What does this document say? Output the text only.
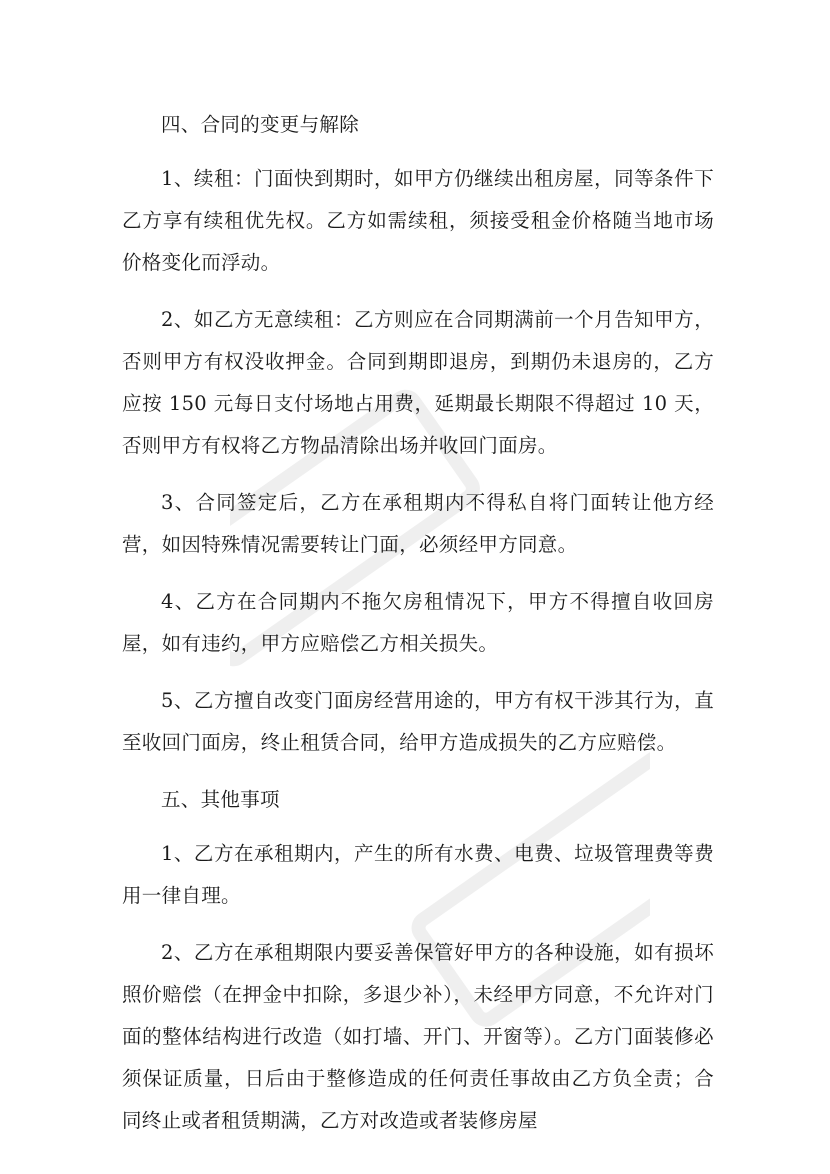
四、合同的变更与解除

1、续租：门面快到期时，如甲方仍继续出租房屋，同等条件下乙方享有续租优先权。乙方如需续租，须接受租金价格随当地市场价格变化而浮动。

2、如乙方无意续租：乙方则应在合同期满前一个月告知甲方，否则甲方有权没收押金。合同到期即退房，到期仍未退房的，乙方应按 150 元每日支付场地占用费，延期最长期限不得超过 10 天，否则甲方有权将乙方物品清除出场并收回门面房。

3、合同签定后，乙方在承租期内不得私自将门面转让他方经营，如因特殊情况需要转让门面，必须经甲方同意。

4、乙方在合同期内不拖欠房租情况下，甲方不得擅自收回房屋，如有违约，甲方应赔偿乙方相关损失。

5、乙方擅自改变门面房经营用途的，甲方有权干涉其行为，直至收回门面房，终止租赁合同，给甲方造成损失的乙方应赔偿。

五、其他事项

1、乙方在承租期内，产生的所有水费、电费、垃圾管理费等费用一律自理。

2、乙方在承租期限内要妥善保管好甲方的各种设施，如有损坏照价赔偿（在押金中扣除，多退少补），未经甲方同意，不允许对门面的整体结构进行改造（如打墙、开门、开窗等）。乙方门面装修必须保证质量，日后由于整修造成的任何责任事故由乙方负全责；合同终止或者租赁期满，乙方对改造或者装修房屋
